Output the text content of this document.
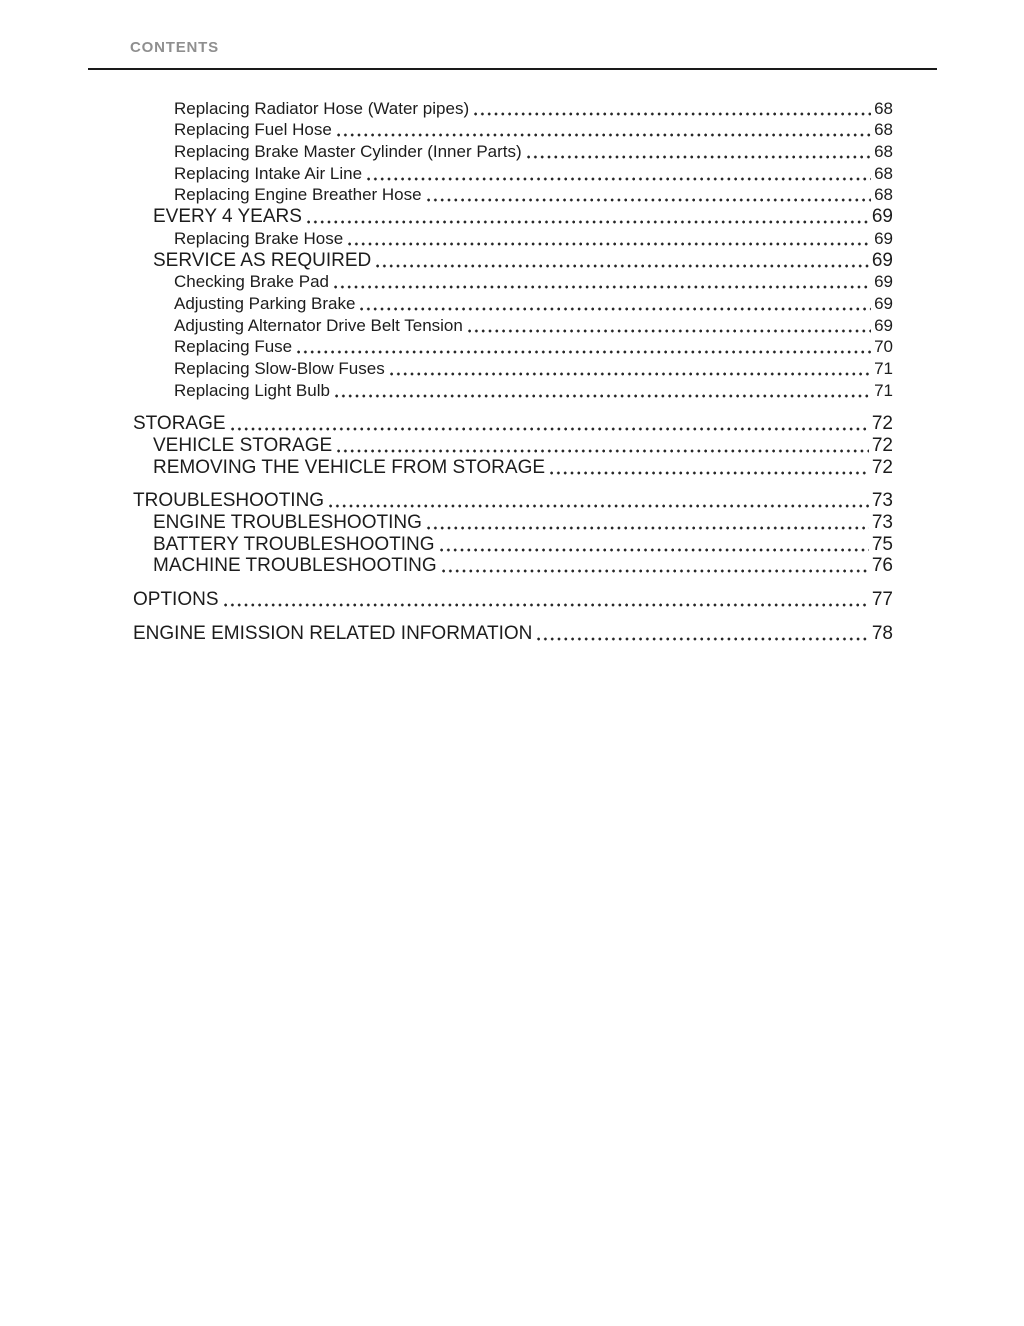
CONTENTS
Replacing Radiator Hose (Water pipes)	68
Replacing Fuel Hose	68
Replacing Brake Master Cylinder (Inner Parts)	68
Replacing Intake Air Line	68
Replacing Engine Breather Hose	68
EVERY 4 YEARS	69
Replacing Brake Hose	69
SERVICE AS REQUIRED	69
Checking Brake Pad	69
Adjusting Parking Brake	69
Adjusting Alternator Drive Belt Tension	69
Replacing Fuse	70
Replacing Slow-Blow Fuses	71
Replacing Light Bulb	71
STORAGE	72
VEHICLE STORAGE	72
REMOVING THE VEHICLE FROM STORAGE	72
TROUBLESHOOTING	73
ENGINE TROUBLESHOOTING	73
BATTERY TROUBLESHOOTING	75
MACHINE TROUBLESHOOTING	76
OPTIONS	77
ENGINE EMISSION RELATED INFORMATION	78
